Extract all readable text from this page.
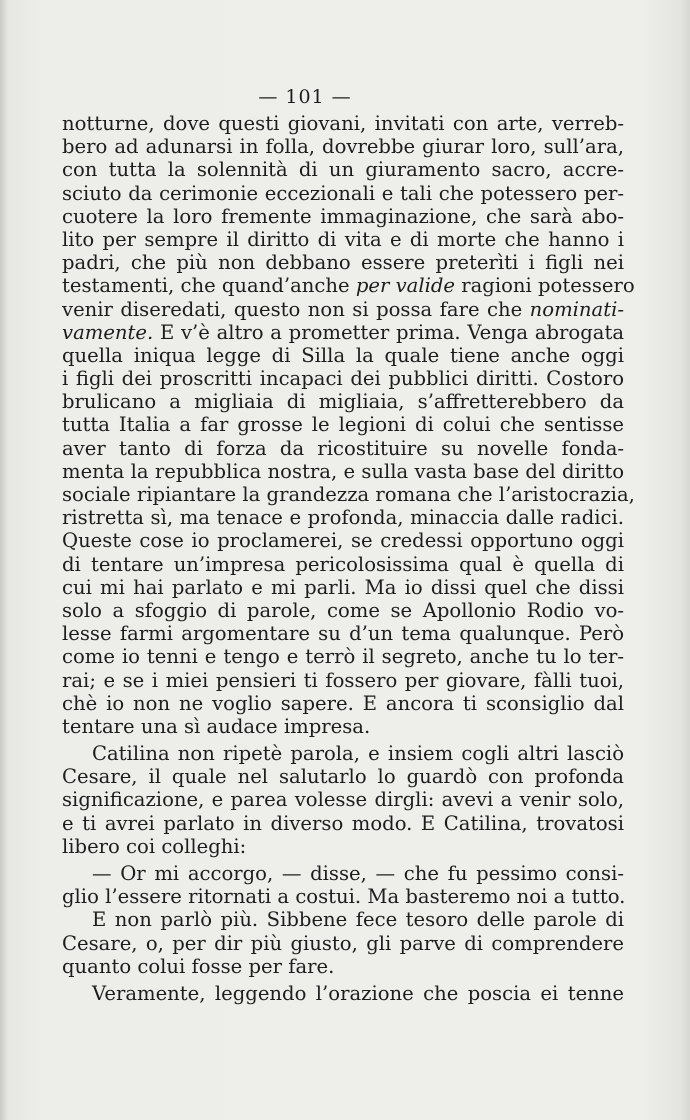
— 101 —
notturne, dove questi giovani, invitati con arte, verreb-
bero ad adunarsi in folla, dovrebbe giurar loro, sull’ara,
con tutta la solennità di un giuramento sacro, accre-
sciuto da cerimonie eccezionali e tali che potessero per-
cuotere la loro fremente immaginazione, che sarà abo-
lito per sempre il diritto di vita e di morte che hanno i
padri, che più non debbano essere preterìti i figli nei
testamenti, che quand’anche per valide ragioni potessero
venir diseredati, questo non si possa fare che nominati-
vamente. E v’è altro a prometter prima. Venga abrogata
quella iniqua legge di Silla la quale tiene anche oggi
i figli dei proscritti incapaci dei pubblici diritti. Costoro
brulicano a migliaia di migliaia, s’affretterebbero da
tutta Italia a far grosse le legioni di colui che sentisse
aver tanto di forza da ricostituire su novelle fonda-
menta la repubblica nostra, e sulla vasta base del diritto
sociale ripiantare la grandezza romana che l’aristocrazia,
ristretta sì, ma tenace e profonda, minaccia dalle radici.
Queste cose io proclamerei, se credessi opportuno oggi
di tentare un’impresa pericolosissima qual è quella di
cui mi hai parlato e mi parli. Ma io dissi quel che dissi
solo a sfoggio di parole, come se Apollonio Rodio vo-
lesse farmi argomentare su d’un tema qualunque. Però
come io tenni e tengo e terrò il segreto, anche tu lo ter-
rai; e se i miei pensieri ti fossero per giovare, fàlli tuoi,
chè io non ne voglio sapere. E ancora ti sconsiglio dal
tentare una sì audace impresa.
Catilina non ripetè parola, e insiem cogli altri lasciò
Cesare, il quale nel salutarlo lo guardò con profonda
significazione, e parea volesse dirgli: avevi a venir solo,
e ti avrei parlato in diverso modo. E Catilina, trovatosi
libero coi colleghi:
— Or mi accorgo, — disse, — che fu pessimo consi-
glio l’essere ritornati a costui. Ma basteremo noi a tutto.
E non parlò più. Sibbene fece tesoro delle parole di
Cesare, o, per dir più giusto, gli parve di comprendere
quanto colui fosse per fare.
Veramente, leggendo l’orazione che poscia ei tenne
